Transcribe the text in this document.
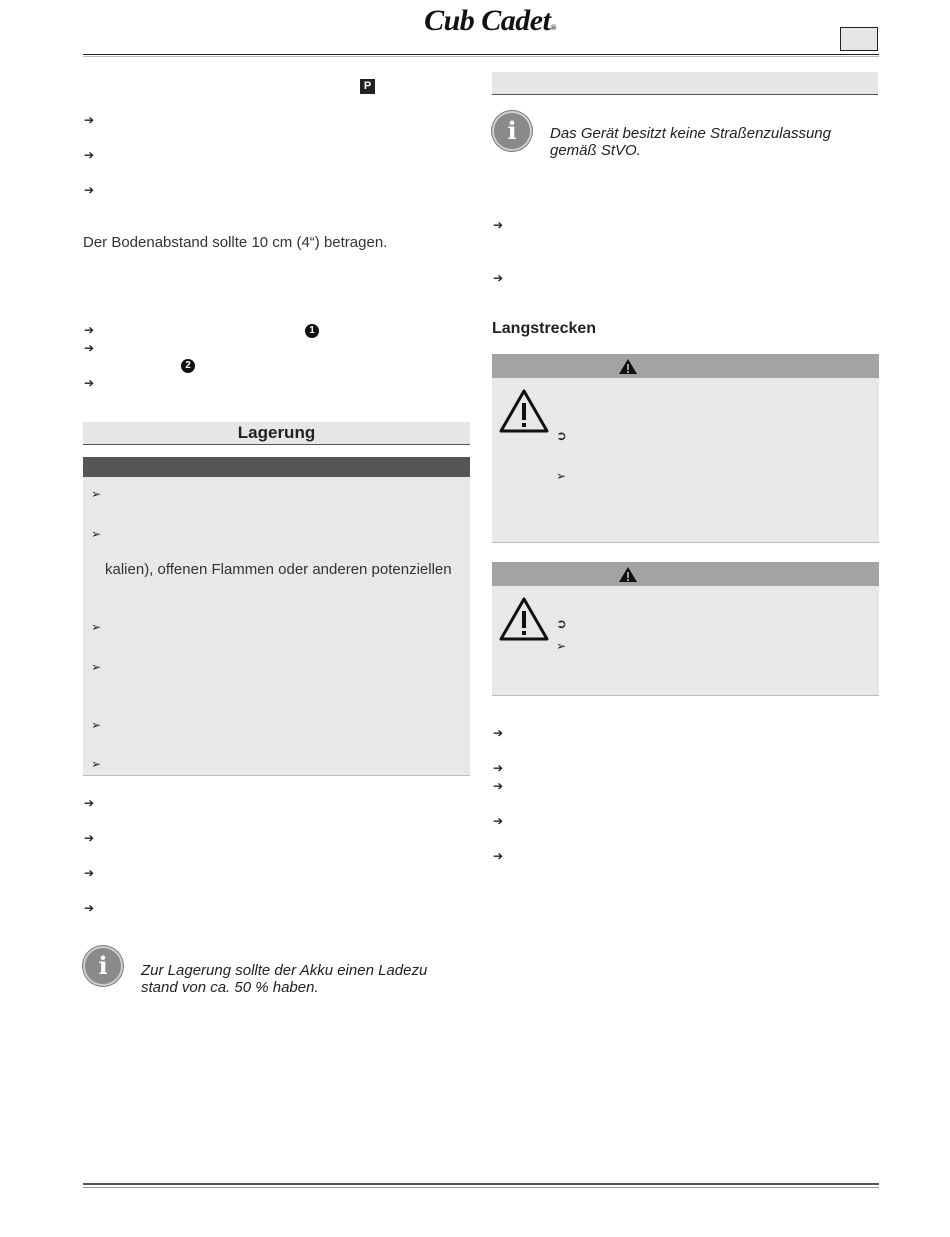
Cub Cadet®
P
➔
➔
➔
Der Bodenabstand sollte 10 cm (4“) betragen.
➔	1
➔
2
➔
Lagerung
➢
➢
kalien), offenen Flammen oder anderen potenziellen
➢
➢
➢
➢
➔
➔
➔
➔
i	Zur Lagerung sollte der Akku einen Ladezu
stand von ca. 50 % haben.
i	Das Gerät besitzt keine Straßenzulassung
gemäß StVO.
➔
➔
Langstrecken
➲
➢
➲
➢
➔
➔
➔
➔
➔
